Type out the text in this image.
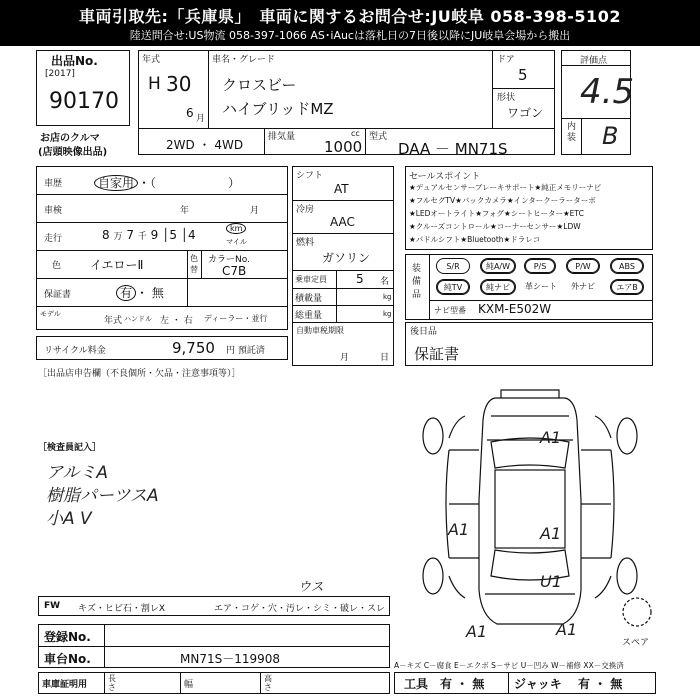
車両引取先:「兵庫県」　車両に関するお問合せ:JU岐阜 058-398-5102
陸送問合せ:US物流 058-397-1066 AS･iAucは落札日の7日後以降にJU岐阜会場から搬出
出品No.
[2017]
90170
お店のクルマ
(店頭映像出品)
年式
H 30
6 月
車名・グレード
クロスビー
ハイブリッドMZ
ドア
5
形状
ワゴン
2WD ・ 4WD
排気量
1000
cc 型式
DAA － MN71S
評価点
4.5
内装 B
車歴	自家用 ・（　　　　　　）
車検	年	月
走行	8 万 7 千 9 │5 │4	km
マイル
色 イエローⅡ	色替
カラーNo.
C7B
保証書	有 ・ 無
モデル
年式 ハンドル 左 ・ 右 ディーラー・並行
リサイクル料金	9,750 円 預託済
［出品店申告欄（不良個所・欠品・注意事項等）］
シフト
AT
冷房
AAC
燃料
ガソリン
乗車定員 5 名
積載量	kg
総重量	kg
自動車税期限
月	日
セールスポイント
★デュアルセンサーブレーキサポート★純正メモリーナビ
★フルセグTV★バックカメラ★インタークーラーターボ
★LEDオートライト★フォグ★シートヒーター★ETC
★クルーズコントロール★コーナーセンサー★LDW
★パドルシフト★Bluetooth★ドラレコ
装備品
S/R	純A/W	P/S	P/W	ABS
純TV	純ナビ	革シート	外ナビ	エアB
ナビ型番 KXM-E502W
後日品
保証書
［検査員記入］
アルミA
樹脂パーツスA
小A V
A1
A1	A1
U1
A1	A1
スペア
FW キズ・ヒビ石・割レX	エア・コゲ・穴・汚レ・シミ・破レ・スレ
ウス
登録No.
車台No.	MN71S－119908
車庫証明用
長さ	幅
高さ
A－キズ C－腐食 E－エクボ S－サビ U－凹み W－補修 XX－交換済
工具 有 ・ 無 ジャッキ 有 ・ 無
